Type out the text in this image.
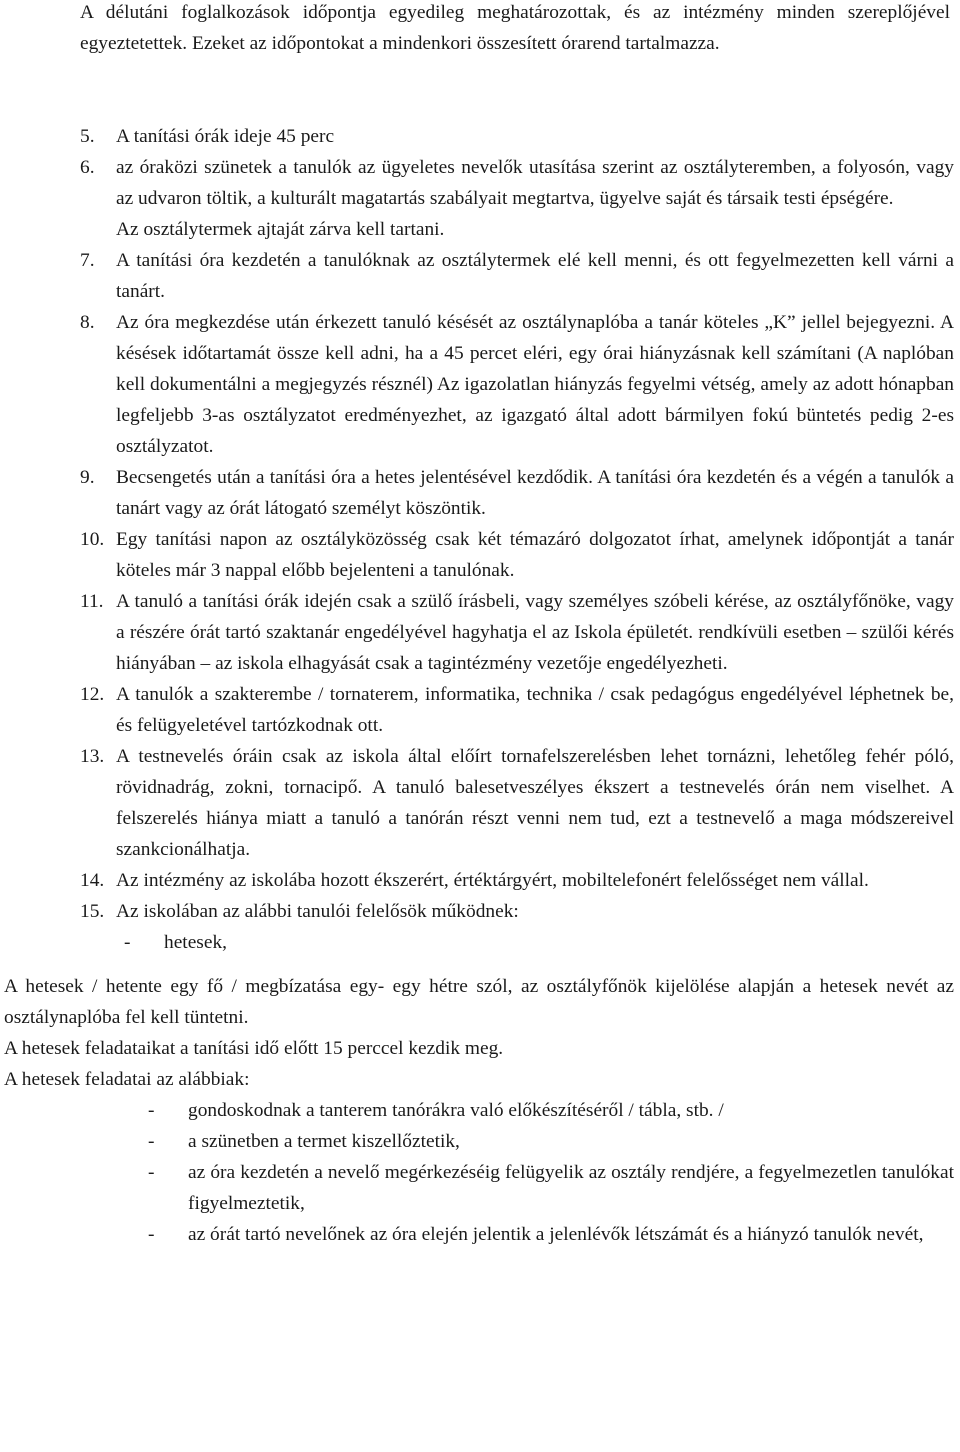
A délutáni foglalkozások időpontja egyedileg meghatározottak, és az intézmény minden szereplőjével egyeztetettek. Ezeket az időpontokat a mindenkori összesített órarend tartalmazza.

5.	A tanítási órák ideje 45 perc

6.	az óraközi szünetek a tanulók az ügyeletes nevelők utasítása szerint az osztályteremben, a folyosón, vagy az udvaron töltik, a kulturált magatartás szabályait megtartva, ügyelve saját és társaik testi épségére.

Az osztálytermek ajtaját zárva kell tartani.

7.	A tanítási óra kezdetén a tanulóknak az osztálytermek elé kell menni, és ott fegyelmezetten kell várni a tanárt.

8.	Az óra megkezdése után érkezett tanuló késését az osztálynaplóba a tanár köteles „K” jellel bejegyezni. A késések időtartamát össze kell adni, ha a 45 percet eléri, egy órai hiányzásnak kell számítani (A naplóban kell dokumentálni a megjegyzés résznél) Az igazolatlan hiányzás fegyelmi vétség, amely az adott hónapban legfeljebb 3-as osztályzatot eredményezhet, az igazgató által adott bármilyen fokú büntetés pedig 2-es osztályzatot.

9.	Becsengetés után a tanítási óra a hetes jelentésével kezdődik. A tanítási óra kezdetén és a végén a tanulók a tanárt vagy az órát látogató személyt köszöntik.

10. Egy tanítási napon az osztályközösség csak két témazáró dolgozatot írhat, amelynek időpontját a tanár köteles már 3 nappal előbb bejelenteni a tanulónak.

11. A tanuló a tanítási órák idején csak a szülő írásbeli, vagy személyes szóbeli kérése, az osztályfőnöke, vagy a részére órát tartó szaktanár engedélyével hagyhatja el az Iskola épületét. rendkívüli esetben – szülői kérés hiányában – az iskola elhagyását csak a tagintézmény vezetője engedélyezheti.

12. A tanulók a szakterembe / tornaterem, informatika, technika / csak pedagógus engedélyével léphetnek be, és felügyeletével tartózkodnak ott.

13. A testnevelés óráin csak az iskola által előírt tornafelszerelésben lehet tornázni, lehetőleg fehér póló, rövidnadrág, zokni, tornacipő. A tanuló balesetveszélyes ékszert a testnevelés órán nem viselhet. A felszerelés hiánya miatt a tanuló a tanórán részt venni nem tud, ezt a testnevelő a maga módszereivel szankcionálhatja.

14. Az intézmény az iskolába hozott ékszerért, értéktárgyért, mobiltelefonért felelősséget nem vállal.

15. Az iskolában az alábbi tanulói felelősök működnek:

-	hetesek,

A hetesek / hetente egy fő / megbízatása egy- egy hétre szól, az osztályfőnök kijelölése alapján a hetesek nevét az osztálynaplóba fel kell tüntetni.

A hetesek feladataikat a tanítási idő előtt 15 perccel kezdik meg.

A hetesek feladatai az alábbiak:

-	gondoskodnak a tanterem tanórákra való előkészítéséről / tábla, stb. /
-	a szünetben a termet kiszellőztetik,
-	az óra kezdetén a nevelő megérkezéséig felügyelik az osztály rendjére, a fegyelmezetlen tanulókat figyelmeztetik,
-	az órát tartó nevelőnek az óra elején jelentik a jelenlévők létszámát és a hiányzó tanulók nevét,
